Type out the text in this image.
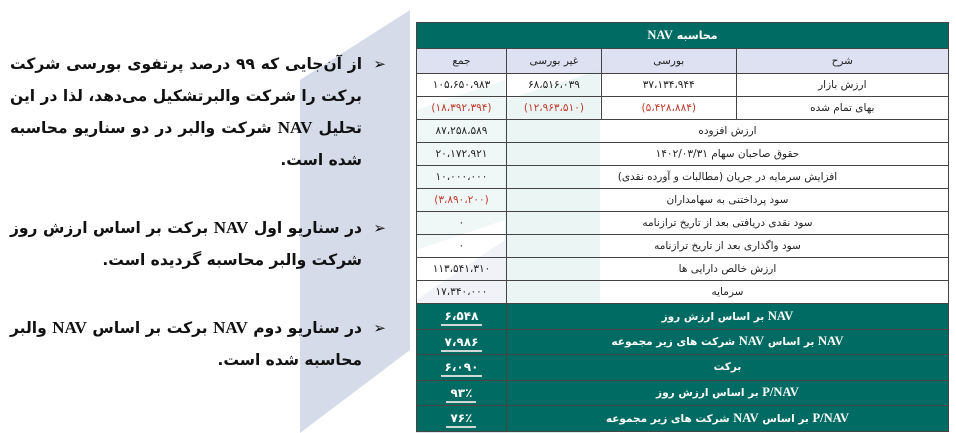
➢
از آن‌جایی که ۹۹ درصد پرتفوی بورسی شرکت برکت را شرکت والبرتشکیل می‌دهد، لذا در این تحلیل NAV شرکت والبر در دو سناریو محاسبه شده است.
➢
در سناریو اول NAV برکت بر اساس ارزش روز شرکت والبر محاسبه گردیده است.
➢
در سناریو دوم NAV برکت بر اساس NAV والبر محاسبه شده است.
محاسبه NAV			
شرح	بورسی	غیر بورسی	جمع
ارزش بازار	۳۷،۱۳۴،۹۴۴	۶۸،۵۱۶،۰۳۹	۱۰۵،۶۵۰،۹۸۳
بهای تمام شده	(۵،۴۲۸،۸۸۴)	(۱۲،۹۶۳،۵۱۰)	(۱۸،۳۹۲،۳۹۴)
ارزش افزوده			۸۷،۲۵۸،۵۸۹
حقوق صاحبان سهام ۱۴۰۲/۰۳/۳۱			۲۰،۱۷۲،۹۲۱
افزایش سرمایه در جریان (مطالبات و آورده نقدی)			۱۰،۰۰۰،۰۰۰
سود پرداختنی به سهامداران			(۳،۸۹۰،۲۰۰)
سود نقدی دریافتی بعد از تاریخ ترازنامه			۰
سود واگذاری بعد از تاریخ ترازنامه			۰
ارزش خالص دارایی ها			۱۱۳،۵۴۱،۳۱۰
سرمایه			۱۷،۳۴۰،۰۰۰
NAV بر اساس ارزش روز			۶،۵۴۸
NAV بر اساس NAV شرکت های زیر مجموعه			۷،۹۸۶
برکت			۶،۰۹۰
P/NAV بر اساس ارزش روز			۹۳٪
P/NAV بر اساس NAV شرکت های زیر مجموعه			۷۶٪
